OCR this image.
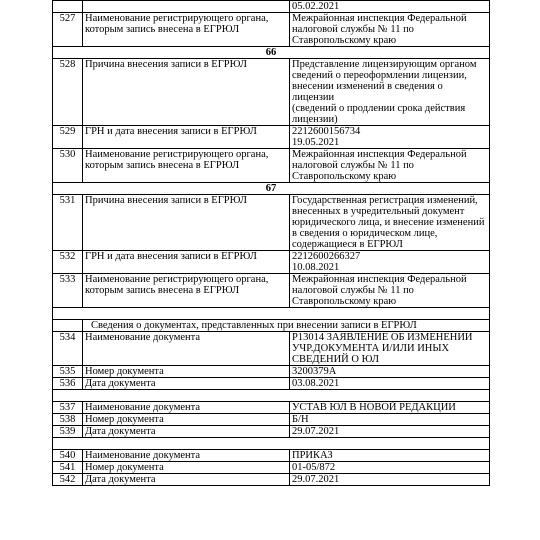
		05.02.2021
527	Наименование регистрирующего органа,
которым запись внесена в ЕГРЮЛ	Межрайонная инспекция Федеральной
налоговой службы № 11 по
Ставропольскому краю
66		
528	Причина внесения записи в ЕГРЮЛ	Представление лицензирующим органом
сведений о переоформлении лицензии,
внесении изменений в сведения о лицензии
(сведений о продлении срока действия
лицензии)
529	ГРН и дата внесения записи в ЕГРЮЛ	2212600156734
19.05.2021
530	Наименование регистрирующего органа,
которым запись внесена в ЕГРЮЛ	Межрайонная инспекция Федеральной
налоговой службы № 11 по
Ставропольскому краю
67		
531	Причина внесения записи в ЕГРЮЛ	Государственная регистрация изменений,
внесенных в учредительный документ
юридического лица, и внесение изменений
в сведения о юридическом лице,
содержащиеся в ЕГРЮЛ
532	ГРН и дата внесения записи в ЕГРЮЛ	2212600266327
10.08.2021
533	Наименование регистрирующего органа,
которым запись внесена в ЕГРЮЛ	Межрайонная инспекция Федеральной
налоговой службы № 11 по
Ставропольскому краю

	Сведения о документах, представленных при внесении записи в ЕГРЮЛ	
534	Наименование документа	Р13014 ЗАЯВЛЕНИЕ ОБ ИЗМЕНЕНИИ
УЧР.ДОКУМЕНТА И/ИЛИ ИНЫХ
СВЕДЕНИЙ О ЮЛ
535	Номер документа	3200379А
536	Дата документа	03.08.2021

537	Наименование документа	УСТАВ ЮЛ В НОВОЙ РЕДАКЦИИ
538	Номер документа	Б/Н
539	Дата документа	29.07.2021

540	Наименование документа	ПРИКАЗ
541	Номер документа	01-05/872
542	Дата документа	29.07.2021
